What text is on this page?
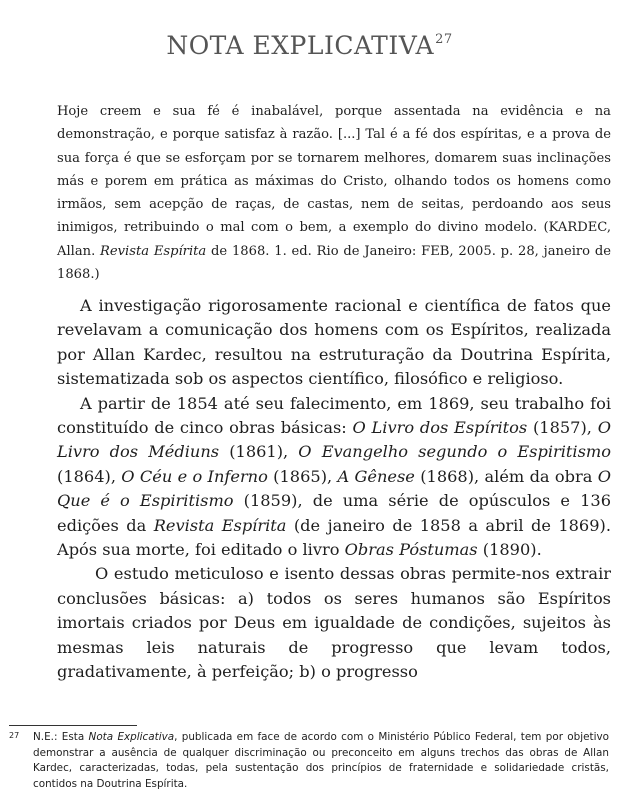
NOTA EXPLICATIVA$^{27}$

Hoje creem e sua fé é inabalável, porque assentada na evidência e na demonstração, e porque satisfaz à razão. [...] Tal é a fé dos espíritas, e a prova de sua força é que se esforçam por se tornarem melhores, domarem suas inclinações más e porem em prática as máximas do Cristo, olhando todos os homens como irmãos, sem acepção de raças, de castas, nem de seitas, perdoando aos seus inimigos, retribuindo o mal com o bem, a exemplo do divino modelo. (KARDEC, Allan. Revista Espírita de 1868. 1. ed. Rio de Janeiro: FEB, 2005. p. 28, janeiro de 1868.)

A investigação rigorosamente racional e científica de fatos que revelavam a comunicação dos homens com os Espíritos, realizada por Allan Kardec, resultou na estruturação da Doutrina Espírita, sistematizada sob os aspectos científico, filosófico e religioso.

A partir de 1854 até seu falecimento, em 1869, seu trabalho foi constituído de cinco obras básicas: O Livro dos Espíritos (1857), O Livro dos Médiuns (1861), O Evangelho segundo o Espiritismo (1864), O Céu e o Inferno (1865), A Gênese (1868), além da obra O Que é o Espiritismo (1859), de uma série de opúsculos e 136 edições da Revista Espírita (de janeiro de 1858 a abril de 1869). Após sua morte, foi editado o livro Obras Póstumas (1890).

O estudo meticuloso e isento dessas obras permite-nos extrair conclusões básicas: a) todos os seres humanos são Espíritos imortais criados por Deus em igualdade de condições, sujeitos às mesmas leis naturais de progresso que levam todos, gradativamente, à perfeição; b) o progresso

27 N.E.: Esta Nota Explicativa, publicada em face de acordo com o Ministério Público Federal, tem por objetivo demonstrar a ausência de qualquer discriminação ou preconceito em alguns trechos das obras de Allan Kardec, caracterizadas, todas, pela sustentação dos princípios de fraternidade e solidariedade cristãs, contidos na Doutrina Espírita.
